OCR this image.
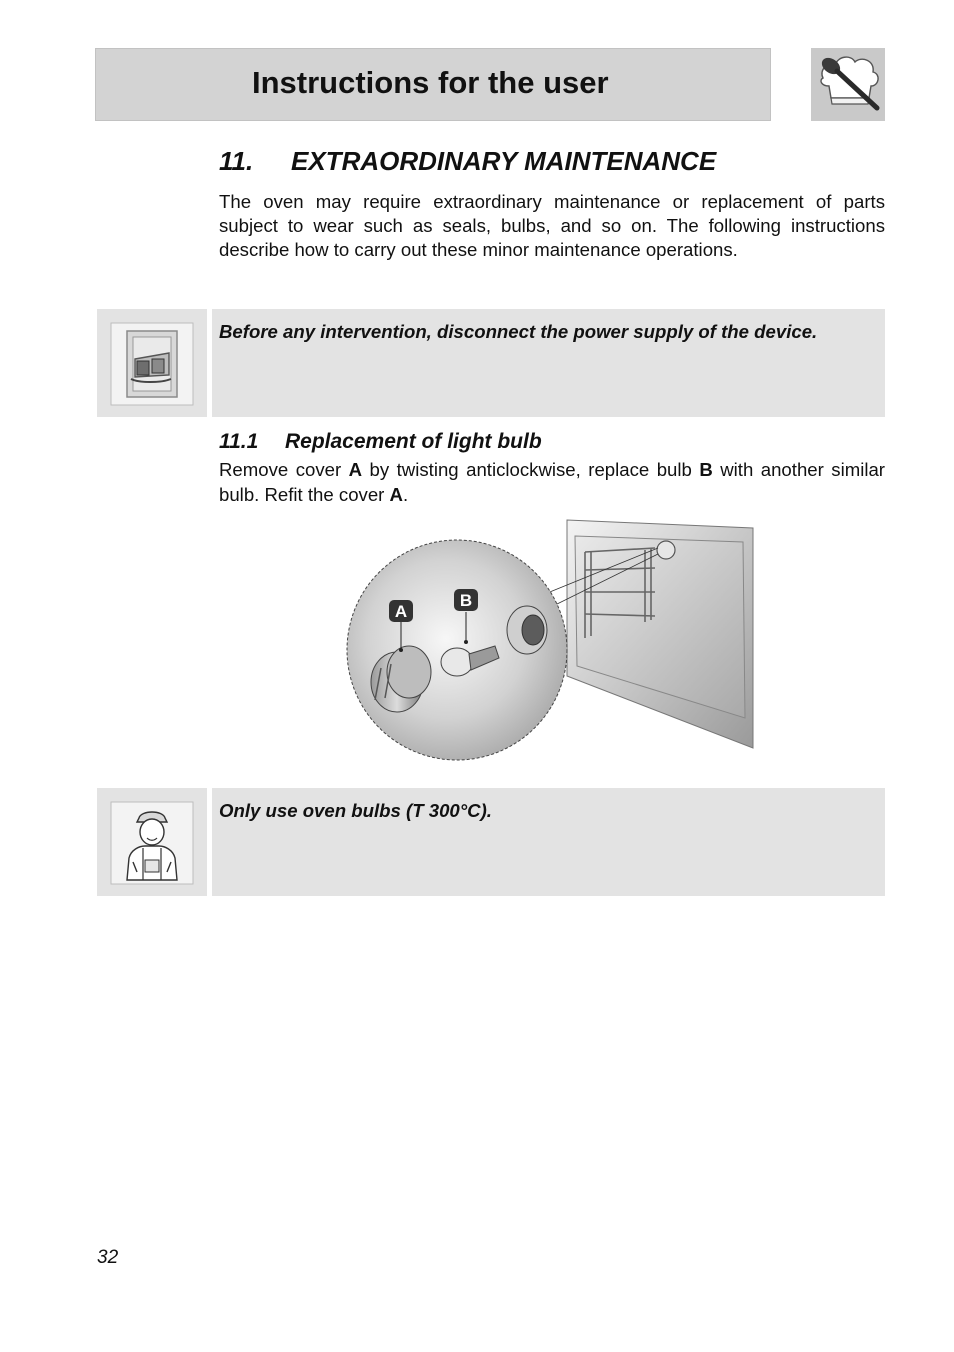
Instructions for the user
11. EXTRAORDINARY MAINTENANCE

The oven may require extraordinary maintenance or replacement of parts subject to wear such as seals, bulbs, and so on. The following instructions describe how to carry out these minor maintenance operations.

Before any intervention, disconnect the power supply of the device.
11.1 Replacement of light bulb

Remove cover A by twisting anticlockwise, replace bulb B with another similar bulb. Refit the cover A.

A
B
Only use oven bulbs (T 300°C).
32
